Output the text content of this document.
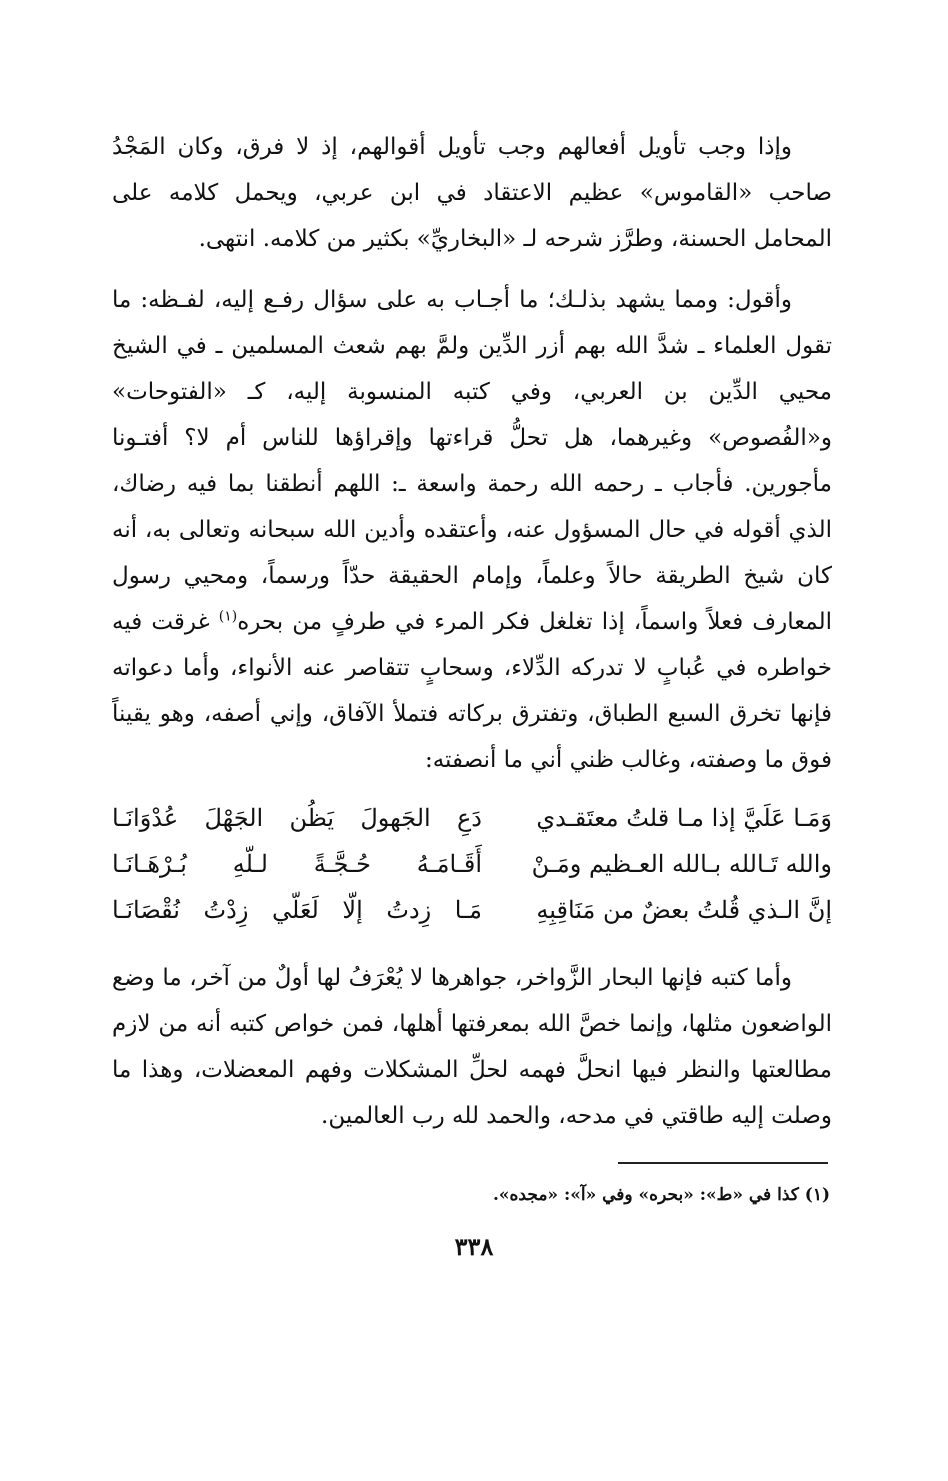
وإذا وجب تأويل أفعالهم وجب تأويل أقوالهم، إذ لا فرق، وكان المَجْدُ صاحب «القاموس» عظيم الاعتقاد في ابن عربي، ويحمل كلامه على المحامل الحسنة، وطرَّز شرحه لـ «البخاريِّ» بكثير من كلامه. انتهى.

وأقول: ومما يشهد بذلـك؛ ما أجـاب به على سؤال رفـع إليه، لفـظه: ما تقول العلماء ـ شدَّ الله بهم أزر الدِّين ولمَّ بهم شعث المسلمين ـ في الشيخ محيي الدِّين بن العربي، وفي كتبه المنسوبة إليه، كـ «الفتوحات» و«الفُصوص» وغيرهما، هل تحلُّ قراءتها وإقراؤها للناس أم لا؟ أفتـونا مأجورين. فأجاب ـ رحمه الله رحمة واسعة ـ: اللهم أنطقنا بما فيه رضاك، الذي أقوله في حال المسؤول عنه، وأعتقده وأدين الله سبحانه وتعالى به، أنه كان شيخ الطريقة حالاً وعلماً، وإمام الحقيقة حدّاً ورسماً، ومحيي رسول المعارف فعلاً واسماً، إذا تغلغل فكر المرء في طرفٍ من بحره$^{(١)}$ غرقت فيه خواطره في عُبابٍ لا تدركه الدِّلاء، وسحابٍ تتقاصر عنه الأنواء، وأما دعواته فإنها تخرق السبع الطباق، وتفترق بركاته فتملأ الآفاق، وإني أصفه، وهو يقيناً فوق ما وصفته، وغالب ظني أني ما أنصفته:

وَمَـا عَلَيَّ إذا مـا قلتُ معتَقـدي
دَعِ الجَهولَ يَظُن الجَهْلَ عُدْوَانَـا
والله تَـالله بـالله العـظيم ومَـنْ
أَقَـامَـهُ حُـجَّـةً لـلّهِ بُـرْهَـانَـا
إنَّ الـذي قُلتُ بعضٌ من مَنَاقِبِهِ
مَـا زِدتُ إلّا لَعَلّي زِدْتُ نُقْصَانَـا

وأما كتبه فإنها البحار الزَّواخر، جواهرها لا يُعْرَفُ لها أولٌ من آخر، ما وضع الواضعون مثلها، وإنما خصَّ الله بمعرفتها أهلها، فمن خواص كتبه أنه من لازم مطالعتها والنظر فيها انحلَّ فهمه لحلِّ المشكلات وفهم المعضلات، وهذا ما وصلت إليه طاقتي في مدحه، والحمد لله رب العالمين.

(١) كذا في «ط»: «بحره» وفي «آ»: «مجده».
٣٣٨
